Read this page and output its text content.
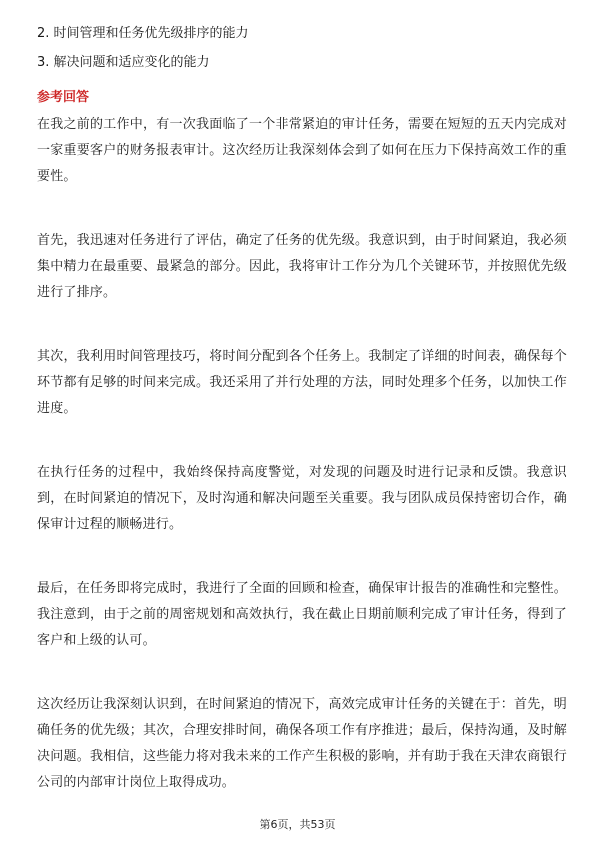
2. 时间管理和任务优先级排序的能力
3. 解决问题和适应变化的能力
参考回答

在我之前的工作中，有一次我面临了一个非常紧迫的审计任务，需要在短短的五天内完成对一家重要客户的财务报表审计。这次经历让我深刻体会到了如何在压力下保持高效工作的重要性。

首先，我迅速对任务进行了评估，确定了任务的优先级。我意识到，由于时间紧迫，我必须集中精力在最重要、最紧急的部分。因此，我将审计工作分为几个关键环节，并按照优先级进行了排序。

其次，我利用时间管理技巧，将时间分配到各个任务上。我制定了详细的时间表，确保每个环节都有足够的时间来完成。我还采用了并行处理的方法，同时处理多个任务，以加快工作进度。

在执行任务的过程中，我始终保持高度警觉，对发现的问题及时进行记录和反馈。我意识到，在时间紧迫的情况下，及时沟通和解决问题至关重要。我与团队成员保持密切合作，确保审计过程的顺畅进行。

最后，在任务即将完成时，我进行了全面的回顾和检查，确保审计报告的准确性和完整性。我注意到，由于之前的周密规划和高效执行，我在截止日期前顺利完成了审计任务，得到了客户和上级的认可。

这次经历让我深刻认识到，在时间紧迫的情况下，高效完成审计任务的关键在于：首先，明确任务的优先级；其次，合理安排时间，确保各项工作有序推进；最后，保持沟通，及时解决问题。我相信，这些能力将对我未来的工作产生积极的影响，并有助于我在天津农商银行公司的内部审计岗位上取得成功。

第6页，共53页
